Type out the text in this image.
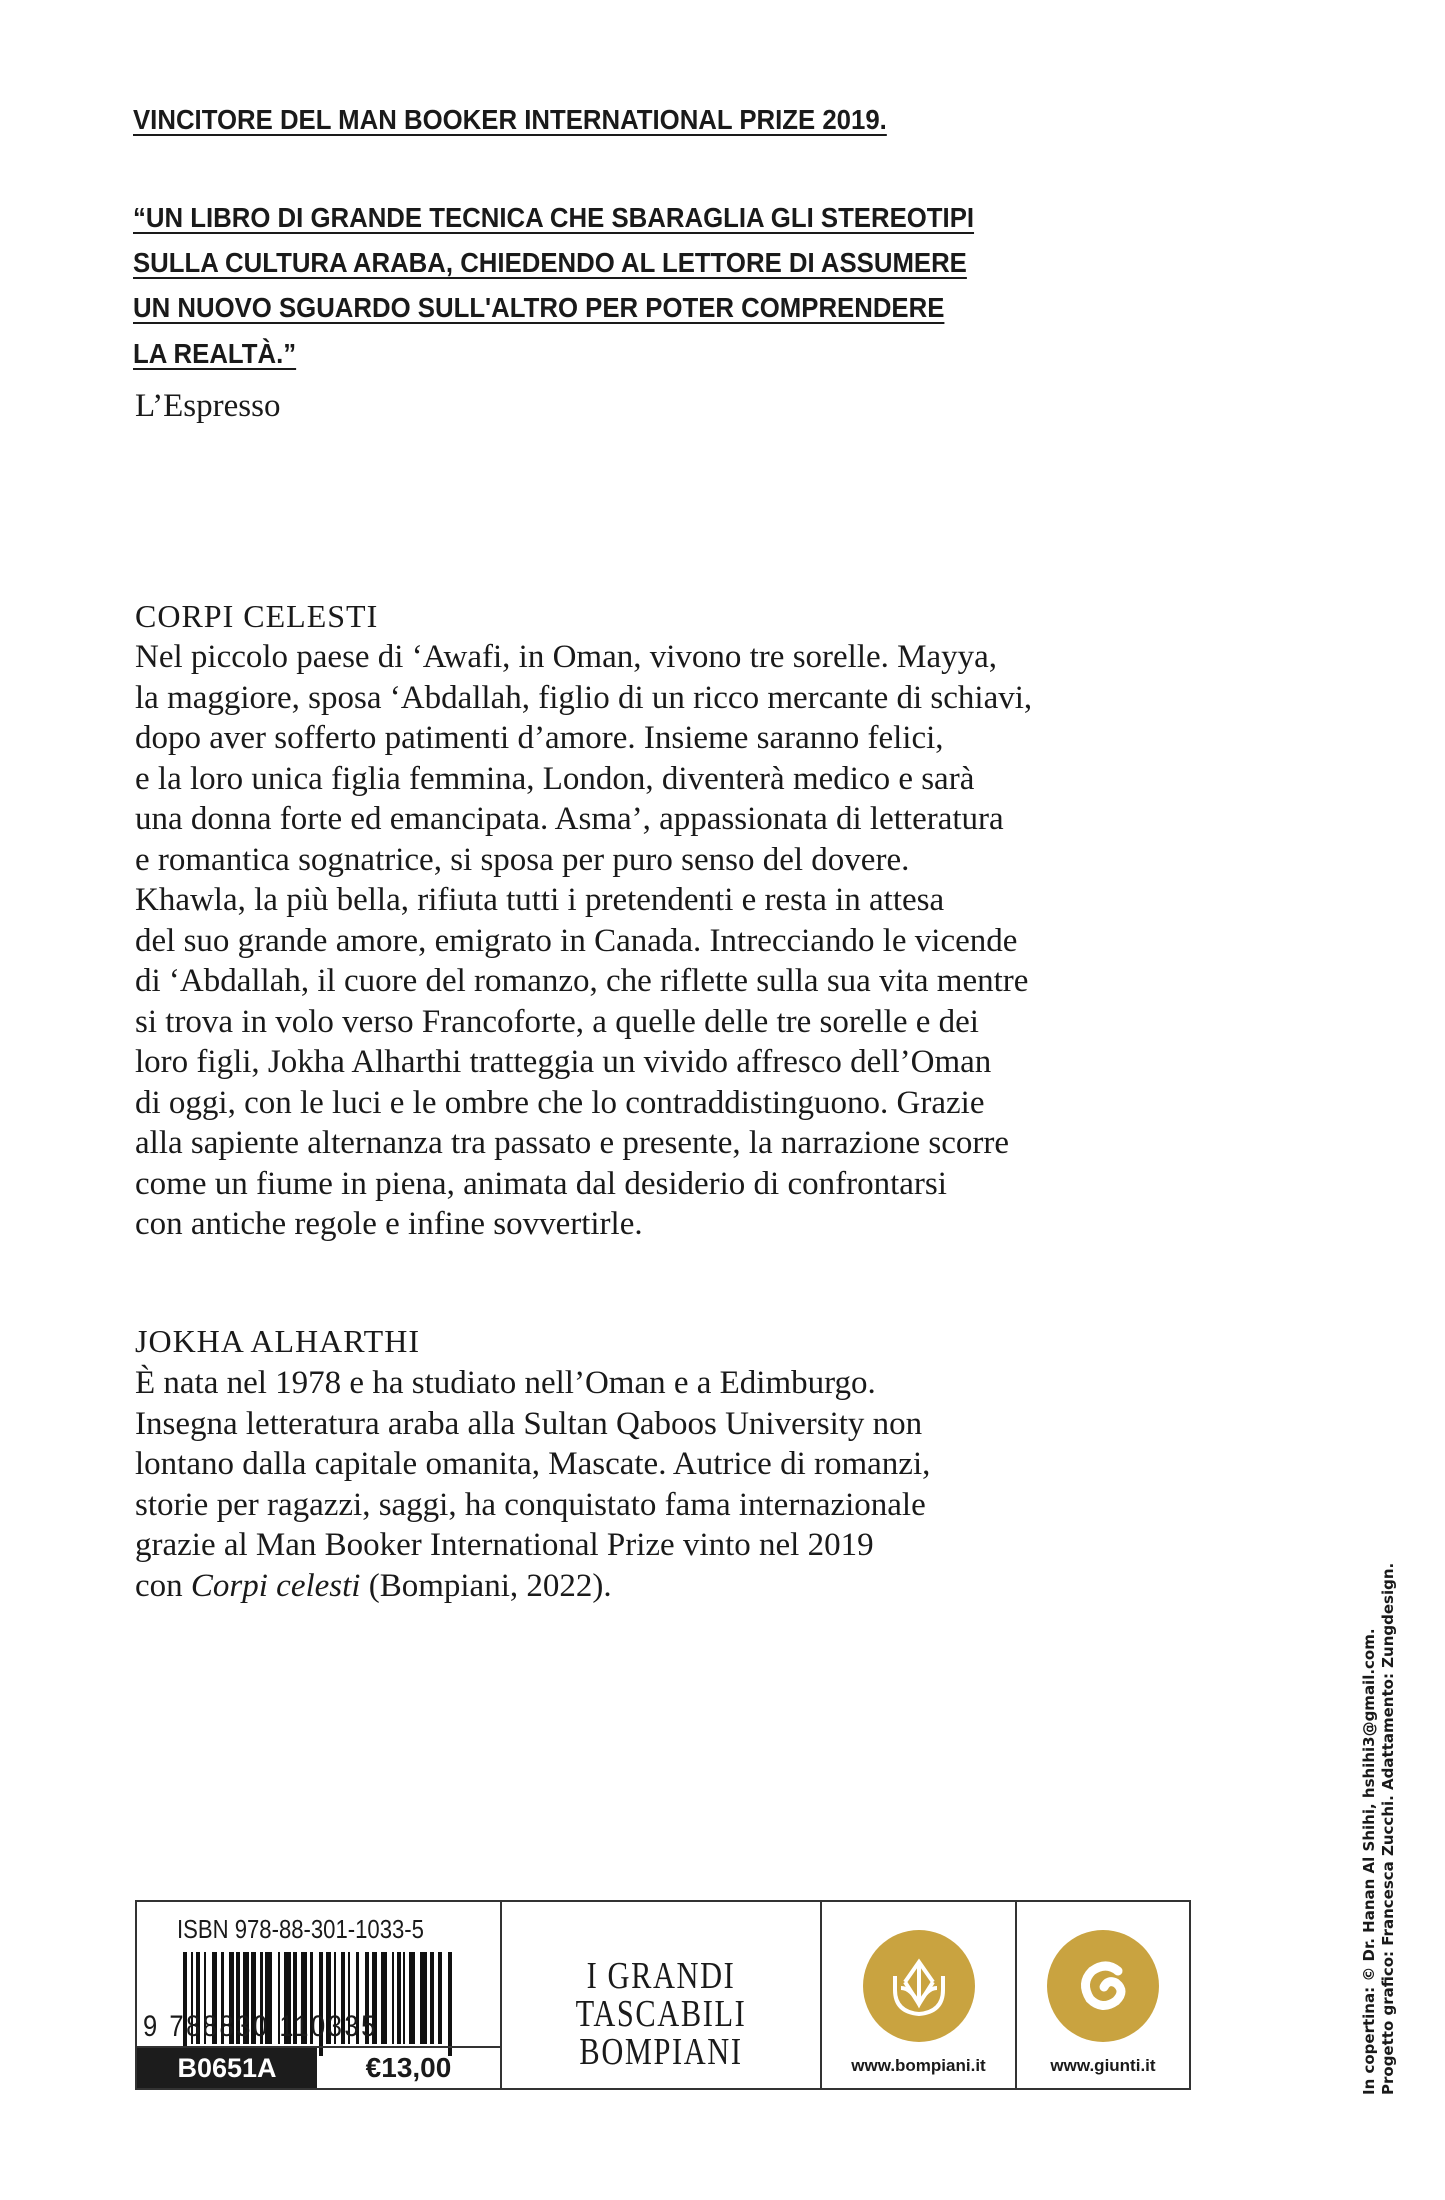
VINCITORE DEL MAN BOOKER INTERNATIONAL PRIZE 2019.
“UN LIBRO DI GRANDE TECNICA CHE SBARAGLIA GLI STEREOTIPI
SULLA CULTURA ARABA, CHIEDENDO AL LETTORE DI ASSUMERE
UN NUOVO SGUARDO SULL'ALTRO PER POTER COMPRENDERE
LA REALTÀ.”
L’Espresso
CORPI CELESTI
Nel piccolo paese di ‘Awafi, in Oman, vivono tre sorelle. Mayya,
la maggiore, sposa ‘Abdallah, figlio di un ricco mercante di schiavi,
dopo aver sofferto patimenti d’amore. Insieme saranno felici,
e la loro unica figlia femmina, London, diventerà medico e sarà
una donna forte ed emancipata. Asma’, appassionata di letteratura
e romantica sognatrice, si sposa per puro senso del dovere.
Khawla, la più bella, rifiuta tutti i pretendenti e resta in attesa
del suo grande amore, emigrato in Canada. Intrecciando le vicende
di ‘Abdallah, il cuore del romanzo, che riflette sulla sua vita mentre
si trova in volo verso Francoforte, a quelle delle tre sorelle e dei
loro figli, Jokha Alharthi tratteggia un vivido affresco dell’Oman
di oggi, con le luci e le ombre che lo contraddistinguono. Grazie
alla sapiente alternanza tra passato e presente, la narrazione scorre
come un fiume in piena, animata dal desiderio di confrontarsi
con antiche regole e infine sovvertirle.
JOKHA ALHARTHI
È nata nel 1978 e ha studiato nell’Oman e a Edimburgo.
Insegna letteratura araba alla Sultan Qaboos University non
lontano dalla capitale omanita, Mascate. Autrice di romanzi,
storie per ragazzi, saggi, ha conquistato fama internazionale
grazie al Man Booker International Prize vinto nel 2019
con Corpi celesti (Bompiani, 2022).
In copertina: © Dr. Hanan Al Shihi, hshihi3@gmail.com. Progetto grafico: Francesca Zucchi. Adattamento: Zungdesign.
ISBN 978-88-301-1033-5
9 788830 110335
B0651A	€13,00
I GRANDI
TASCABILI
BOMPIANI	www.bompiani.it	www.giunti.it
